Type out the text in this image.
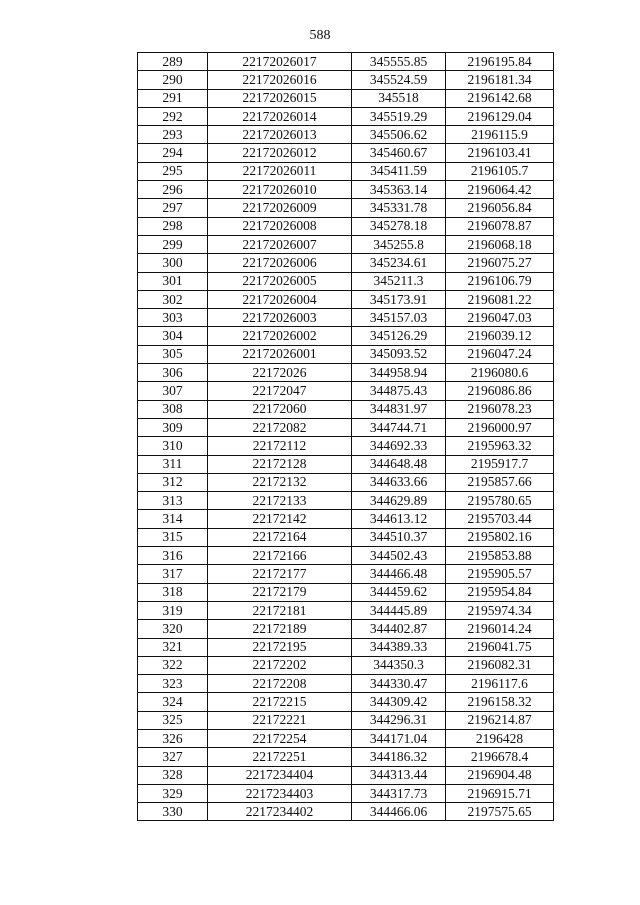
588
289	22172026017	345555.85	2196195.84
290	22172026016	345524.59	2196181.34
291	22172026015	345518	2196142.68
292	22172026014	345519.29	2196129.04
293	22172026013	345506.62	2196115.9
294	22172026012	345460.67	2196103.41
295	22172026011	345411.59	2196105.7
296	22172026010	345363.14	2196064.42
297	22172026009	345331.78	2196056.84
298	22172026008	345278.18	2196078.87
299	22172026007	345255.8	2196068.18
300	22172026006	345234.61	2196075.27
301	22172026005	345211.3	2196106.79
302	22172026004	345173.91	2196081.22
303	22172026003	345157.03	2196047.03
304	22172026002	345126.29	2196039.12
305	22172026001	345093.52	2196047.24
306	22172026	344958.94	2196080.6
307	22172047	344875.43	2196086.86
308	22172060	344831.97	2196078.23
309	22172082	344744.71	2196000.97
310	22172112	344692.33	2195963.32
311	22172128	344648.48	2195917.7
312	22172132	344633.66	2195857.66
313	22172133	344629.89	2195780.65
314	22172142	344613.12	2195703.44
315	22172164	344510.37	2195802.16
316	22172166	344502.43	2195853.88
317	22172177	344466.48	2195905.57
318	22172179	344459.62	2195954.84
319	22172181	344445.89	2195974.34
320	22172189	344402.87	2196014.24
321	22172195	344389.33	2196041.75
322	22172202	344350.3	2196082.31
323	22172208	344330.47	2196117.6
324	22172215	344309.42	2196158.32
325	22172221	344296.31	2196214.87
326	22172254	344171.04	2196428
327	22172251	344186.32	2196678.4
328	2217234404	344313.44	2196904.48
329	2217234403	344317.73	2196915.71
330	2217234402	344466.06	2197575.65
